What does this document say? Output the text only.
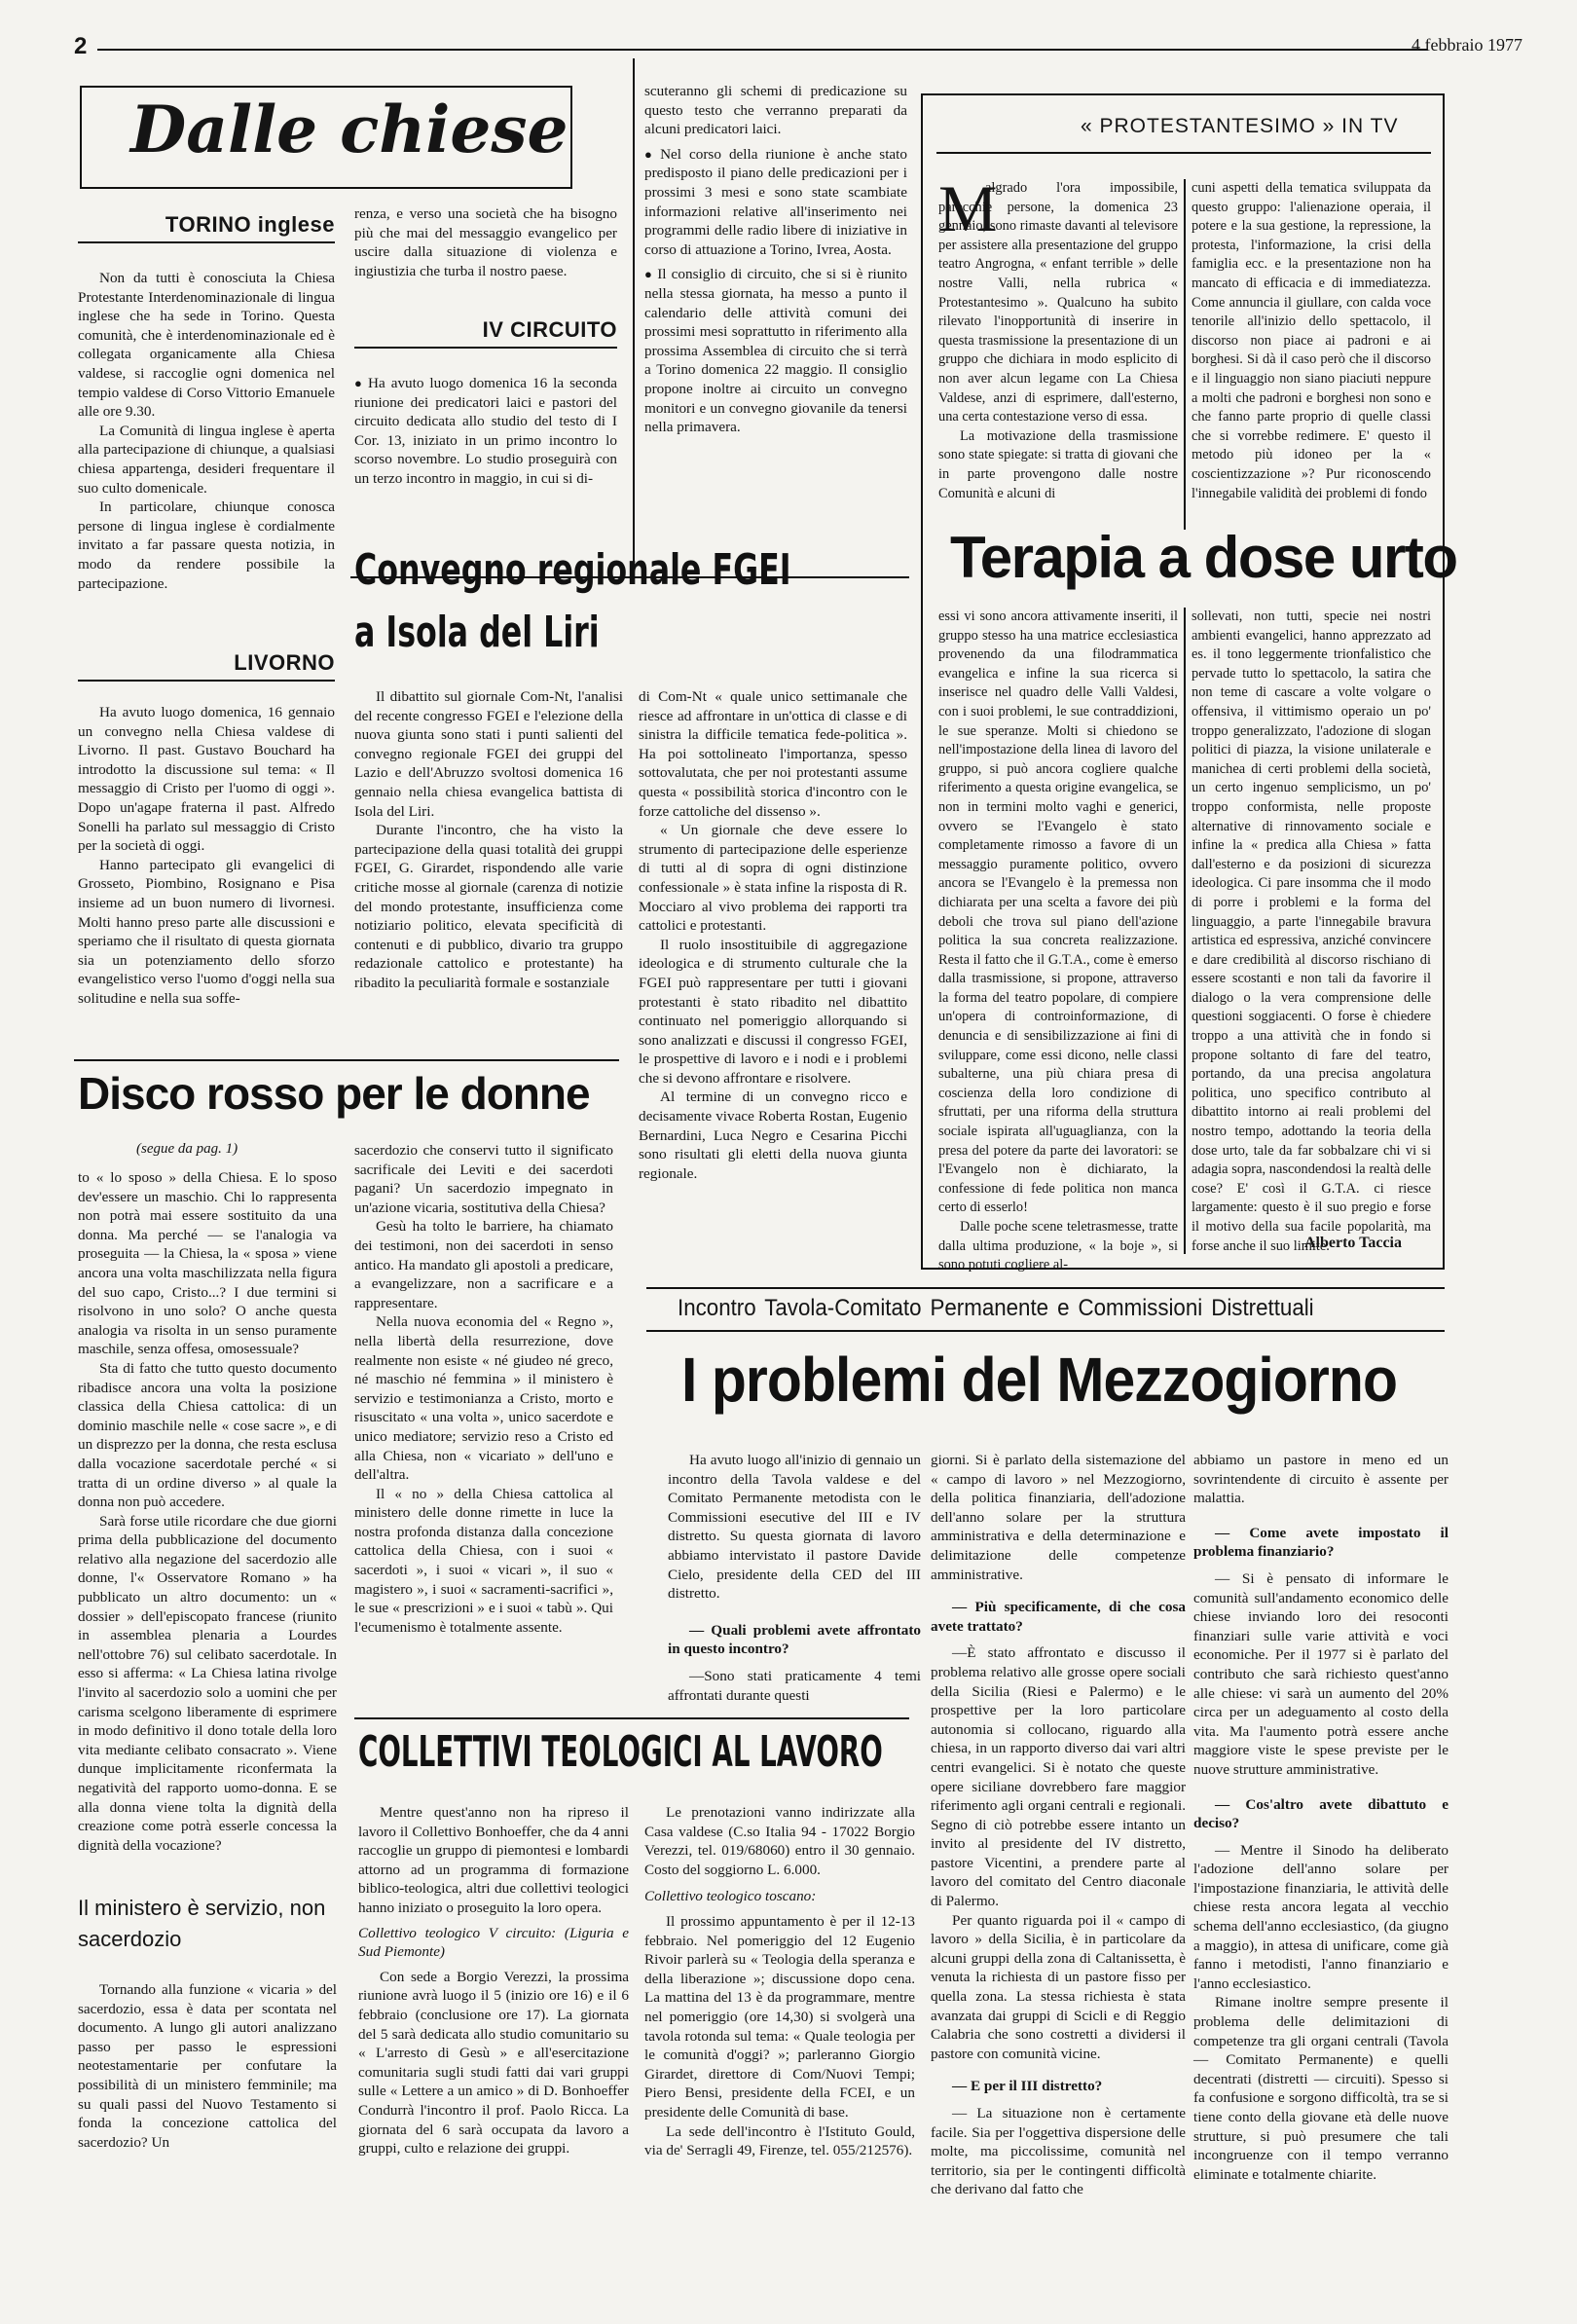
2	4 febbraio 1977
Dalle chiese
TORINO inglese

Non da tutti è conosciuta la Chiesa Protestante Interdenominazionale di lingua inglese che ha sede in Torino. Questa comunità, che è interdenominazionale ed è collegata organicamente alla Chiesa valdese, si raccoglie ogni domenica nel tempio valdese di Corso Vittorio Emanuele alle ore 9.30.

La Comunità di lingua inglese è aperta alla partecipazione di chiunque, a qualsiasi chiesa appartenga, desideri frequentare il suo culto domenicale.

In particolare, chiunque conosca persone di lingua inglese è cordialmente invitato a far passare questa notizia, in modo da rendere possibile la partecipazione.

LIVORNO

Ha avuto luogo domenica, 16 gennaio un convegno nella Chiesa valdese di Livorno. Il past. Gustavo Bouchard ha introdotto la discussione sul tema: « Il messaggio di Cristo per l'uomo di oggi ». Dopo un'agape fraterna il past. Alfredo Sonelli ha parlato sul messaggio di Cristo per la società di oggi.

Hanno partecipato gli evangelici di Grosseto, Piombino, Rosignano e Pisa insieme ad un buon numero di livornesi. Molti hanno preso parte alle discussioni e speriamo che il risultato di questa giornata sia un potenziamento dello sforzo evangelistico verso l'uomo d'oggi nella sua solitudine e nella sua soffe-

renza, e verso una società che ha bisogno più che mai del messaggio evangelico per uscire dalla situazione di violenza e ingiustizia che turba il nostro paese.

IV CIRCUITO

● Ha avuto luogo domenica 16 la seconda riunione dei predicatori laici e pastori del circuito dedicata allo studio del testo di I Cor. 13, iniziato in un primo incontro lo scorso novembre. Lo studio proseguirà con un terzo incontro in maggio, in cui si di-

scuteranno gli schemi di predicazione su questo testo che verranno preparati da alcuni predicatori laici.

● Nel corso della riunione è anche stato predisposto il piano delle predicazioni per i prossimi 3 mesi e sono state scambiate informazioni relative all'inserimento nei programmi delle radio libere di iniziative in corso di attuazione a Torino, Ivrea, Aosta.

● Il consiglio di circuito, che si si è riunito nella stessa giornata, ha messo a punto il calendario delle attività comuni dei prossimi mesi soprattutto in riferimento alla prossima Assemblea di circuito che si terrà a Torino domenica 22 maggio. Il consiglio propone inoltre ai circuito un convegno monitori e un convegno giovanile da tenersi nella primavera.

« PROTESTANTESIMO » IN TV
M

algrado l'ora impossibile, parecchie persone, la domenica 23 gennaio, sono rimaste davanti al televisore per assistere alla presentazione del gruppo teatro Angrogna, « enfant terrible » delle nostre Valli, nella rubrica « Protestantesimo ». Qualcuno ha subito rilevato l'inopportunità di inserire in questa trasmissione la presentazione di un gruppo che dichiara in modo esplicito di non aver alcun legame con La Chiesa Valdese, anzi di esprimere, dall'esterno, una certa contestazione verso di essa.

La motivazione della trasmissione sono state spiegate: si tratta di giovani che in parte provengono dalle nostre Comunità e alcuni di

cuni aspetti della tematica sviluppata da questo gruppo: l'alienazione operaia, il potere e la sua gestione, la repressione, la protesta, l'informazione, la crisi della famiglia ecc. e la presentazione non ha mancato di efficacia e di immediatezza. Come annuncia il giullare, con calda voce tenorile all'inizio dello spettacolo, il discorso non piace ai padroni e ai borghesi. Si dà il caso però che il discorso e il linguaggio non siano piaciuti neppure a molti che padroni e borghesi non sono e che fanno parte proprio di quelle classi che si vorrebbe redimere. E' questo il metodo più idoneo per la « coscientizzazione »? Pur riconoscendo l'innegabile validità dei problemi di fondo

Terapia a dose urto

essi vi sono ancora attivamente inseriti, il gruppo stesso ha una matrice ecclesiastica provenendo da una filodrammatica evangelica e infine la sua ricerca si inserisce nel quadro delle Valli Valdesi, con i suoi problemi, le sue contraddizioni, le sue speranze. Molti si chiedono se nell'impostazione della linea di lavoro del gruppo, si può ancora cogliere qualche riferimento a questa origine evangelica, se non in termini molto vaghi e generici, ovvero se l'Evangelo è stato completamente rimosso a favore di un messaggio puramente politico, ovvero ancora se l'Evangelo è la premessa non dichiarata per una scelta a favore dei più deboli che trova sul piano dell'azione politica la sua concreta realizzazione. Resta il fatto che il G.T.A., come è emerso dalla trasmissione, si propone, attraverso la forma del teatro popolare, di compiere un'opera di controinformazione, di denuncia e di sensibilizzazione ai fini di sviluppare, come essi dicono, nelle classi subalterne, una più chiara presa di coscienza della loro condizione di sfruttati, per una riforma della struttura sociale ispirata all'uguaglianza, con la presa del potere da parte dei lavoratori: se l'Evangelo non è dichiarato, la confessione di fede politica non manca certo di esserlo!

Dalle poche scene teletrasmesse, tratte dalla ultima produzione, « la boje », si sono potuti cogliere al-

sollevati, non tutti, specie nei nostri ambienti evangelici, hanno apprezzato ad es. il tono leggermente trionfalistico che pervade tutto lo spettacolo, la satira che non teme di cascare a volte volgare o offensiva, il vittimismo operaio un po' troppo generalizzato, l'adozione di slogan politici di piazza, la visione unilaterale e manichea di certi problemi della società, un certo ingenuo semplicismo, un po' troppo conformista, nelle proposte alternative di rinnovamento sociale e infine la « predica alla Chiesa » fatta dall'esterno e da posizioni di sicurezza ideologica. Ci pare insomma che il modo di porre i problemi e la forma del linguaggio, a parte l'innegabile bravura artistica ed espressiva, anziché convincere e dare credibilità al discorso rischiano di essere scostanti e non tali da favorire il dialogo o la vera comprensione delle questioni soggiacenti. O forse è chiedere troppo a una attività che in fondo si propone soltanto di fare del teatro, portando, da una precisa angolatura politica, uno specifico contributo al dibattito intorno ai reali problemi del nostro tempo, adottando la teoria della dose urto, tale da far sobbalzare chi vi si adagia sopra, nascondendosi la realtà delle cose? E' così il G.T.A. ci riesce largamente: questo è il suo pregio e forse il motivo della sua facile popolarità, ma forse anche il suo limite.

Alberto Taccia
Convegno regionale FGEI
a Isola del Liri

Il dibattito sul giornale Com-Nt, l'analisi del recente congresso FGEI e l'elezione della nuova giunta sono stati i punti salienti del convegno regionale FGEI dei gruppi del Lazio e dell'Abruzzo svoltosi domenica 16 gennaio nella chiesa evangelica battista di Isola del Liri.

Durante l'incontro, che ha visto la partecipazione della quasi totalità dei gruppi FGEI, G. Girardet, rispondendo alle varie critiche mosse al giornale (carenza di notizie del mondo protestante, insufficienza come notiziario politico, elevata specificità di contenuti e di pubblico, divario tra gruppo redazionale cattolico e protestante) ha ribadito la peculiarità formale e sostanziale

di Com-Nt « quale unico settimanale che riesce ad affrontare in un'ottica di classe e di sinistra la difficile tematica fede-politica ». Ha poi sottolineato l'importanza, spesso sottovalutata, che per noi protestanti assume questa « possibilità storica d'incontro con le forze cattoliche del dissenso ».

« Un giornale che deve essere lo strumento di partecipazione delle esperienze di tutti al di sopra di ogni distinzione confessionale » è stata infine la risposta di R. Mocciaro al vivo problema dei rapporti tra cattolici e protestanti.

Il ruolo insostituibile di aggregazione ideologica e di strumento culturale che la FGEI può rappresentare per tutti i giovani protestanti è stato ribadito nel dibattito continuato nel pomeriggio allorquando si sono analizzati e discussi il congresso FGEI, le prospettive di lavoro e i nodi e i problemi che si devono affrontare e risolvere.

Al termine di un convegno ricco e decisamente vivace Roberta Rostan, Eugenio Bernardini, Luca Negro e Cesarina Picchi sono risultati gli eletti della nuova giunta regionale.

Disco rosso per le donne
(segue da pag. 1)

to « lo sposo » della Chiesa. E lo sposo dev'essere un maschio. Chi lo rappresenta non potrà mai essere sostituito da una donna. Ma perché — se l'analogia va proseguita — la Chiesa, la « sposa » viene ancora una volta maschilizzata nella figura del suo capo, Cristo...? I due termini si risolvono in uno solo? O anche questa analogia va risolta in un senso puramente maschile, senza offesa, omosessuale?

Sta di fatto che tutto questo documento ribadisce ancora una volta la posizione classica della Chiesa cattolica: di un dominio maschile nelle « cose sacre », e di un disprezzo per la donna, che resta esclusa dalla vocazione sacerdotale perché « si tratta di un ordine diverso » al quale la donna non può accedere.

Sarà forse utile ricordare che due giorni prima della pubblicazione del documento relativo alla negazione del sacerdozio alle donne, l'« Osservatore Romano » ha pubblicato un altro documento: un « dossier » dell'episcopato francese (riunito in assemblea plenaria a Lourdes nell'ottobre 76) sul celibato sacerdotale. In esso si afferma: « La Chiesa latina rivolge l'invito al sacerdozio solo a uomini che per carisma scelgono liberamente di esprimere in modo definitivo il dono totale della loro vita mediante celibato consacrato ». Viene dunque implicitamente riconfermata la negatività del rapporto uomo-donna. E se alla donna viene tolta la dignità della creazione come potrà esserle concessa la dignità della vocazione?

Il ministero è servizio, non sacerdozio

Tornando alla funzione « vicaria » del sacerdozio, essa è data per scontata nel documento. A lungo gli autori analizzano passo per passo le espressioni neotestamentarie per confutare la possibilità di un ministero femminile; ma su quali passi del Nuovo Testamento si fonda la concezione cattolica del sacerdozio? Un

sacerdozio che conservi tutto il significato sacrificale dei Leviti e dei sacerdoti pagani? Un sacerdozio impegnato in un'azione vicaria, sostitutiva della Chiesa?

Gesù ha tolto le barriere, ha chiamato dei testimoni, non dei sacerdoti in senso antico. Ha mandato gli apostoli a predicare, a evangelizzare, non a sacrificare e a rappresentare.

Nella nuova economia del « Regno », nella libertà della resurrezione, dove realmente non esiste « né giudeo né greco, né maschio né femmina » il ministero è servizio e testimonianza a Cristo, morto e risuscitato « una volta », unico sacerdote e unico mediatore; servizio reso a Cristo ed alla Chiesa, non « vicariato » dell'uno e dell'altra.

Il « no » della Chiesa cattolica al ministero delle donne rimette in luce la nostra profonda distanza dalla concezione cattolica della Chiesa, con i suoi « sacerdoti », i suoi « vicari », il suo « magistero », i suoi « sacramenti-sacrifici », le sue « prescrizioni » e i suoi « tabù ». Qui l'ecumenismo è totalmente assente.

Incontro Tavola-Comitato Permanente e Commissioni Distrettuali
I problemi del Mezzogiorno

Ha avuto luogo all'inizio di gennaio un incontro della Tavola valdese e del Comitato Permanente metodista con le Commissioni esecutive del III e IV distretto. Su questa giornata di lavoro abbiamo intervistato il pastore Davide Cielo, presidente della CED del III distretto.

— Quali problemi avete affrontato in questo incontro?

—Sono stati praticamente 4 temi affrontati durante questi

giorni. Si è parlato della sistemazione del « campo di lavoro » nel Mezzogiorno, della politica finanziaria, dell'adozione dell'anno solare per la struttura amministrativa e della determinazione e delimitazione delle competenze amministrative.

— Più specificamente, di che cosa avete trattato?

—È stato affrontato e discusso il problema relativo alle grosse opere sociali della Sicilia (Riesi e Palermo) e le prospettive per la loro particolare autonomia si collocano, riguardo alla chiesa, in un rapporto diverso dai vari altri centri evangelici. Si è notato che queste opere siciliane dovrebbero fare maggior riferimento agli organi centrali e regionali. Segno di ciò potrebbe essere intanto un invito al presidente del IV distretto, pastore Vicentini, a prendere parte al lavoro del comitato del Centro diaconale di Palermo.

Per quanto riguarda poi il « campo di lavoro » della Sicilia, è in particolare da alcuni gruppi della zona di Caltanissetta, è venuta la richiesta di un pastore fisso per quella zona. La stessa richiesta è stata avanzata dai gruppi di Scicli e di Reggio Calabria che sono costretti a dividersi il pastore con comunità vicine.

— E per il III distretto?

— La situazione non è certamente facile. Sia per l'oggettiva dispersione delle molte, ma piccolissime, comunità nel territorio, sia per le contingenti difficoltà che derivano dal fatto che

abbiamo un pastore in meno ed un sovrintendente di circuito è assente per malattia.

— Come avete impostato il problema finanziario?

— Si è pensato di informare le comunità sull'andamento economico delle chiese inviando loro dei resoconti finanziari sulle varie attività e voci economiche. Per il 1977 si è parlato del contributo che sarà richiesto quest'anno alle chiese: vi sarà un aumento del 20% circa per un adeguamento al costo della vita. Ma l'aumento potrà essere anche maggiore viste le spese previste per le nuove strutture amministrative.

— Cos'altro avete dibattuto e deciso?

— Mentre il Sinodo ha deliberato l'adozione dell'anno solare per l'impostazione finanziaria, le attività delle chiese resta ancora legata al vecchio schema dell'anno ecclesiastico, (da giugno a maggio), in attesa di unificare, come già fanno i metodisti, l'anno finanziario e l'anno ecclesiastico.

Rimane inoltre sempre presente il problema delle delimitazioni di competenze tra gli organi centrali (Tavola — Comitato Permanente) e quelli decentrati (distretti — circuiti). Spesso si fa confusione e sorgono difficoltà, tra se si tiene conto della giovane età delle nuove strutture, si può presumere che tali incongruenze con il tempo verranno eliminate e totalmente chiarite.

COLLETTIVI TEOLOGICI AL LAVORO

Mentre quest'anno non ha ripreso il lavoro il Collettivo Bonhoeffer, che da 4 anni raccoglie un gruppo di piemontesi e lombardi attorno ad un programma di formazione biblico-teologica, altri due collettivi teologici hanno iniziato o proseguito la loro opera.

Collettivo teologico V circuito: (Liguria e Sud Piemonte)

Con sede a Borgio Verezzi, la prossima riunione avrà luogo il 5 (inizio ore 16) e il 6 febbraio (conclusione ore 17). La giornata del 5 sarà dedicata allo studio comunitario su « L'arresto di Gesù » e all'esercitazione comunitaria sugli studi fatti dai vari gruppi sulle « Lettere a un amico » di D. Bonhoeffer Condurrà l'incontro il prof. Paolo Ricca. La giornata del 6 sarà occupata da lavoro a gruppi, culto e relazione dei gruppi.

Le prenotazioni vanno indirizzate alla Casa valdese (C.so Italia 94 - 17022 Borgio Verezzi, tel. 019/68060) entro il 30 gennaio. Costo del soggiorno L. 6.000.

Collettivo teologico toscano:

Il prossimo appuntamento è per il 12-13 febbraio. Nel pomeriggio del 12 Eugenio Rivoir parlerà su « Teologia della speranza e della liberazione »; discussione dopo cena. La mattina del 13 è da programmare, mentre nel pomeriggio (ore 14,30) si svolgerà una tavola rotonda sul tema: « Quale teologia per le comunità d'oggi? »; parleranno Giorgio Girardet, direttore di Com/Nuovi Tempi; Piero Bensi, presidente della FCEI, e un presidente delle Comunità di base.

La sede dell'incontro è l'Istituto Gould, via de' Serragli 49, Firenze, tel. 055/212576).
